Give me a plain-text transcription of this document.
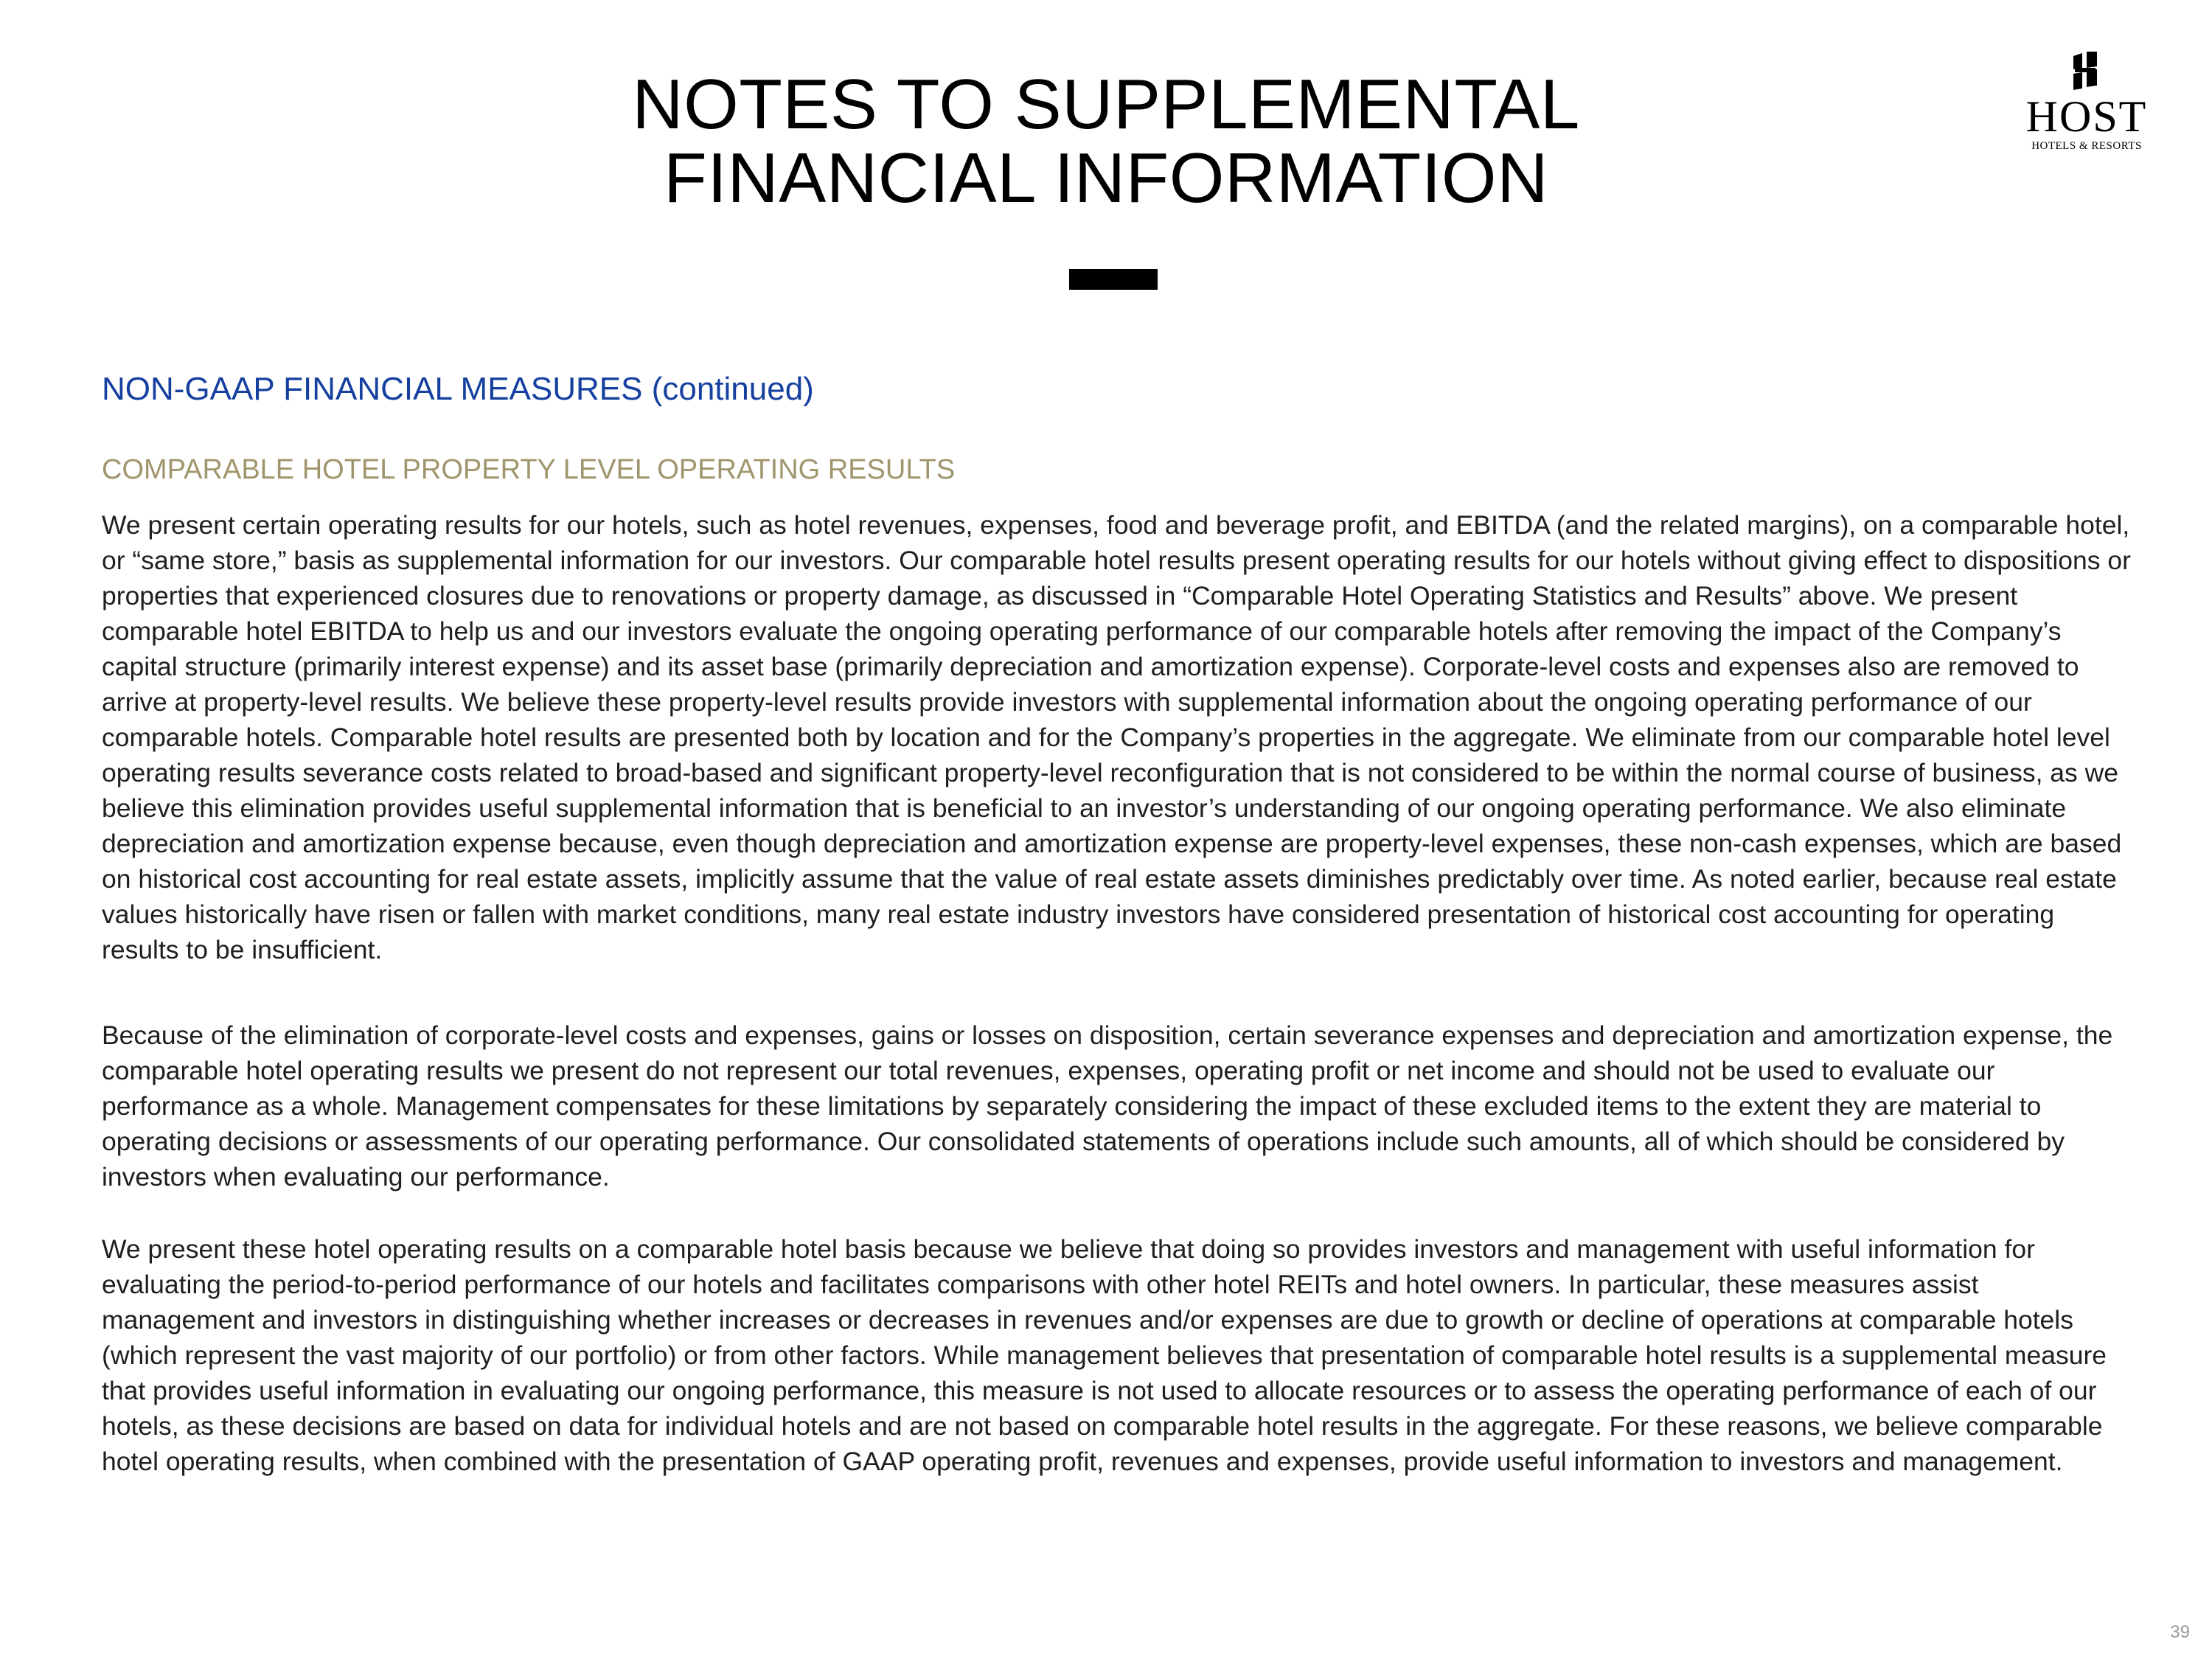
NOTES TO SUPPLEMENTAL
FINANCIAL INFORMATION
HOST
HOTELS & RESORTS
NON-GAAP FINANCIAL MEASURES (continued)
COMPARABLE HOTEL PROPERTY LEVEL OPERATING RESULTS

We present certain operating results for our hotels, such as hotel revenues, expenses, food and beverage profit, and EBITDA (and the related margins), on a comparable hotel, or “same store,” basis as supplemental information for our investors. Our comparable hotel results present operating results for our hotels without giving effect to dispositions or properties that experienced closures due to renovations or property damage, as discussed in “Comparable Hotel Operating Statistics and Results” above. We present comparable hotel EBITDA to help us and our investors evaluate the ongoing operating performance of our comparable hotels after removing the impact of the Company’s capital structure (primarily interest expense) and its asset base (primarily depreciation and amortization expense). Corporate-level costs and expenses also are removed to arrive at property-level results. We believe these property-level results provide investors with supplemental information about the ongoing operating performance of our comparable hotels. Comparable hotel results are presented both by location and for the Company’s properties in the aggregate. We eliminate from our comparable hotel level operating results severance costs related to broad-based and significant property-level reconfiguration that is not considered to be within the normal course of business, as we believe this elimination provides useful supplemental information that is beneficial to an investor’s understanding of our ongoing operating performance. We also eliminate depreciation and amortization expense because, even though depreciation and amortization expense are property-level expenses, these non-cash expenses, which are based on historical cost accounting for real estate assets, implicitly assume that the value of real estate assets diminishes predictably over time. As noted earlier, because real estate values historically have risen or fallen with market conditions, many real estate industry investors have considered presentation of historical cost accounting for operating results to be insufficient.

Because of the elimination of corporate-level costs and expenses, gains or losses on disposition, certain severance expenses and depreciation and amortization expense, the comparable hotel operating results we present do not represent our total revenues, expenses, operating profit or net income and should not be used to evaluate our performance as a whole. Management compensates for these limitations by separately considering the impact of these excluded items to the extent they are material to operating decisions or assessments of our operating performance. Our consolidated statements of operations include such amounts, all of which should be considered by investors when evaluating our performance.

We present these hotel operating results on a comparable hotel basis because we believe that doing so provides investors and management with useful information for evaluating the period-to-period performance of our hotels and facilitates comparisons with other hotel REITs and hotel owners. In particular, these measures assist management and investors in distinguishing whether increases or decreases in revenues and/or expenses are due to growth or decline of operations at comparable hotels (which represent the vast majority of our portfolio) or from other factors. While management believes that presentation of comparable hotel results is a supplemental measure that provides useful information in evaluating our ongoing performance, this measure is not used to allocate resources or to assess the operating performance of each of our hotels, as these decisions are based on data for individual hotels and are not based on comparable hotel results in the aggregate. For these reasons, we believe comparable hotel operating results, when combined with the presentation of GAAP operating profit, revenues and expenses, provide useful information to investors and management.

39
